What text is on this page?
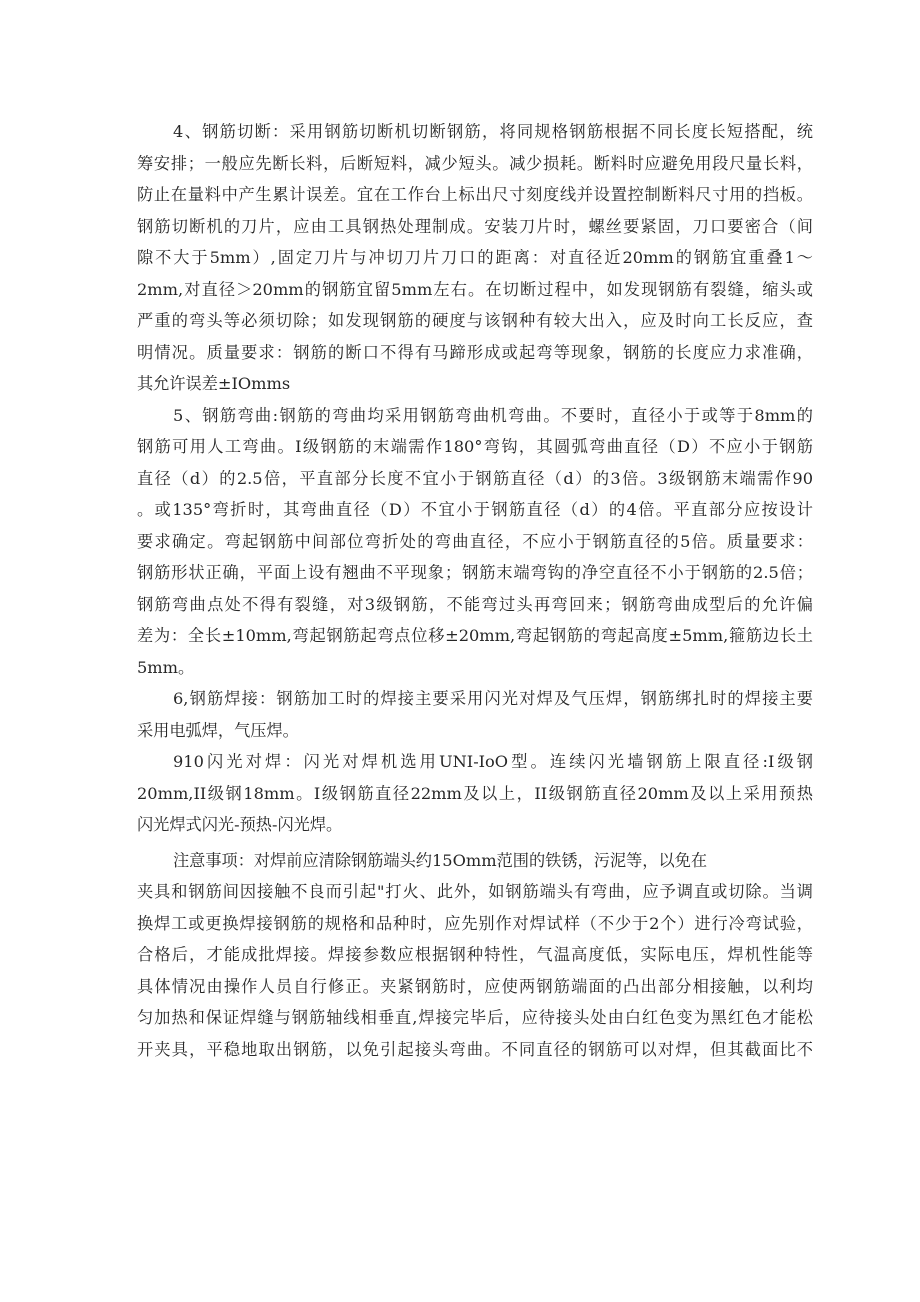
4、钢筋切断：采用钢筋切断机切断钢筋，将同规格钢筋根据不同长度长短搭配，统
筹安排；一般应先断长料，后断短料，减少短头。减少损耗。断料时应避免用段尺量长料，
防止在量料中产生累计误差。宜在工作台上标出尺寸刻度线并设置控制断料尺寸用的挡板。
钢筋切断机的刀片，应由工具钢热处理制成。安装刀片时，螺丝要紧固，刀口要密合（间
隙不大于5mm）,固定刀片与冲切刀片刀口的距离：对直径近20mm的钢筋宜重叠1～
2mm,对直径＞20mm的钢筋宜留5mm左右。在切断过程中，如发现钢筋有裂缝，缩头或
严重的弯头等必须切除；如发现钢筋的硬度与该钢种有较大出入，应及时向工长反应，查
明情况。质量要求：钢筋的断口不得有马蹄形成或起弯等现象，钢筋的长度应力求准确，
其允许误差±IOmms
5、钢筋弯曲:钢筋的弯曲均采用钢筋弯曲机弯曲。不要时，直径小于或等于8mm的
钢筋可用人工弯曲。I级钢筋的末端需作180°弯钩，其圆弧弯曲直径（D）不应小于钢筋
直径（d）的2.5倍，平直部分长度不宜小于钢筋直径（d）的3倍。3级钢筋末端需作90
。或135°弯折时，其弯曲直径（D）不宜小于钢筋直径（d）的4倍。平直部分应按设计
要求确定。弯起钢筋中间部位弯折处的弯曲直径，不应小于钢筋直径的5倍。质量要求：
钢筋形状正确，平面上设有翘曲不平现象；钢筋末端弯钩的净空直径不小于钢筋的2.5倍；
钢筋弯曲点处不得有裂缝，对3级钢筋，不能弯过头再弯回来；钢筋弯曲成型后的允许偏
差为：全长±10mm,弯起钢筋起弯点位移±20mm,弯起钢筋的弯起高度±5mm,箍筋边长土
5mm。
6,钢筋焊接：钢筋加工时的焊接主要采用闪光对焊及气压焊，钢筋绑扎时的焊接主要
采用电弧焊，气压焊。
910闪光对焊：闪光对焊机选用UNI-IoO型。连续闪光墙钢筋上限直径:I级钢
20mm,II级钢18mm。I级钢筋直径22mm及以上，II级钢筋直径20mm及以上采用预热
闪光焊式闪光-预热-闪光焊。
注意事项：对焊前应清除钢筋端头约15Omm范围的铁锈，污泥等，以免在
夹具和钢筋间因接触不良而引起"打火、此外，如钢筋端头有弯曲，应予调直或切除。当调
换焊工或更换焊接钢筋的规格和品种时，应先别作对焊试样（不少于2个）进行冷弯试验，
合格后，才能成批焊接。焊接参数应根据钢种特性，气温高度低，实际电压，焊机性能等
具体情况由操作人员自行修正。夹紧钢筋时，应使两钢筋端面的凸出部分相接触，以利均
匀加热和保证焊缝与钢筋轴线相垂直,焊接完毕后，应待接头处由白红色变为黑红色才能松
开夹具，平稳地取出钢筋，以免引起接头弯曲。不同直径的钢筋可以对焊，但其截面比不
